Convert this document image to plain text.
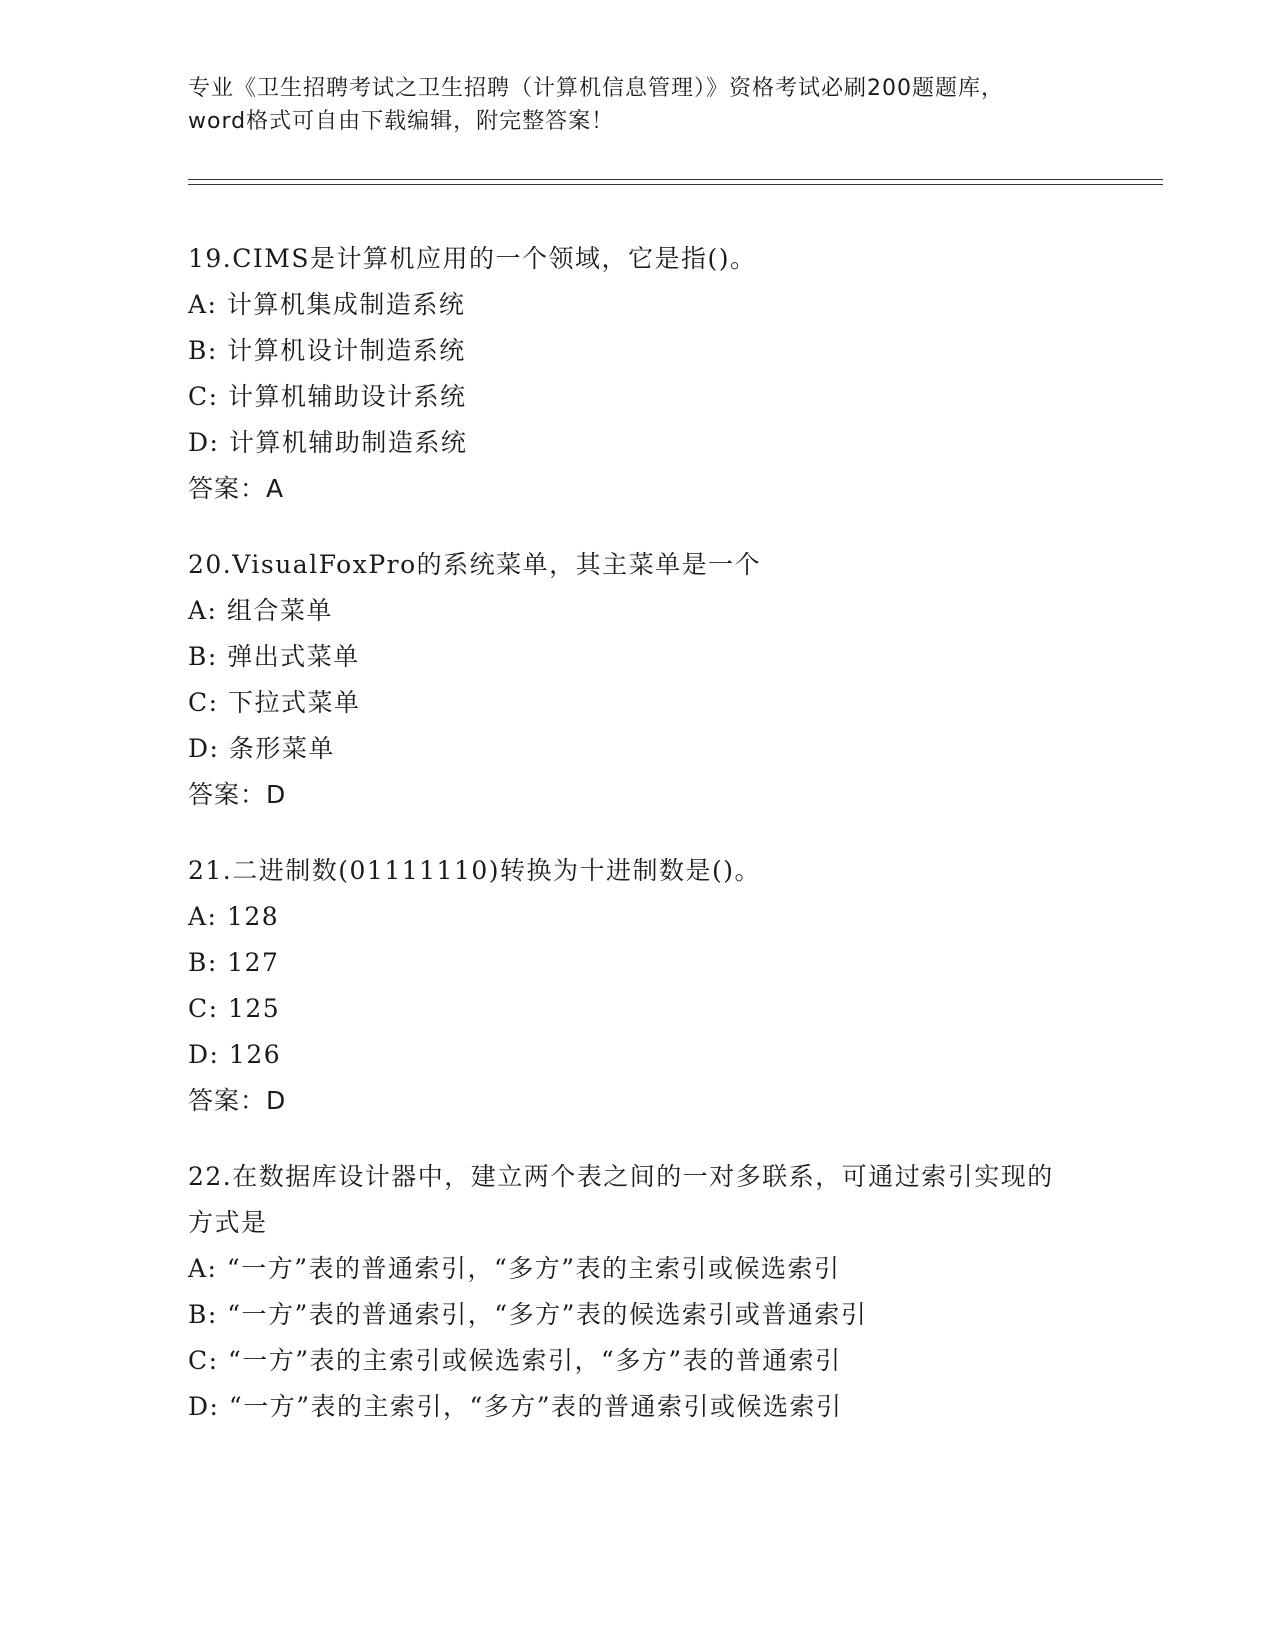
专业《卫生招聘考试之卫生招聘（计算机信息管理）》资格考试必刷200题题库，
word格式可自由下载编辑，附完整答案！
19.CIMS是计算机应用的一个领域，它是指()。
A: 计算机集成制造系统
B: 计算机设计制造系统
C: 计算机辅助设计系统
D: 计算机辅助制造系统
答案：A
20.VisualFoxPro的系统菜单，其主菜单是一个
A: 组合菜单
B: 弹出式菜单
C: 下拉式菜单
D: 条形菜单
答案：D
21.二进制数(01111110)转换为十进制数是()。
A: 128
B: 127
C: 125
D: 126
答案：D
22.在数据库设计器中，建立两个表之间的一对多联系，可通过索引实现的方式是
A: “一方”表的普通索引，“多方”表的主索引或候选索引
B: “一方”表的普通索引，“多方”表的候选索引或普通索引
C: “一方”表的主索引或候选索引，“多方”表的普通索引
D: “一方”表的主索引，“多方”表的普通索引或候选索引
